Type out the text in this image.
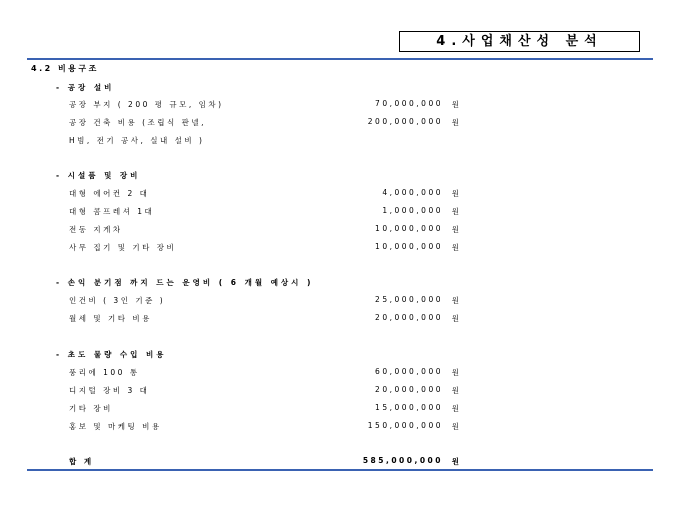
4.사업채산성 분석
4.2 비용구조
- 공장 설비
공장 부지 ( 200 평 규모, 임차)	70,000,000 원
공장 건축 비용 (조립식 판넬,	200,000,000 원
H빔, 전기 공사, 실내 설비 )
- 시설품 및 장비
대형 에어컨 2 대	4,000,000 원
대형 콤프레셔 1대	1,000,000 원
전동 지게차	10,000,000 원
사무 집기 및 기타 장비	10,000,000 원
- 손익 분기점 까지 드는 운영비 ( 6 개월 예상시 )
인건비 ( 3인 기준 )	25,000,000 원
월세 및 기타 비용	20,000,000 원
- 초도 물량 수입 비용
풍리에 100 통	60,000,000 원
디지털 장비 3 대	20,000,000 원
기타 장비	15,000,000 원
홍보 및 마케팅 비용	150,000,000 원
합 계	585,000,000 원
